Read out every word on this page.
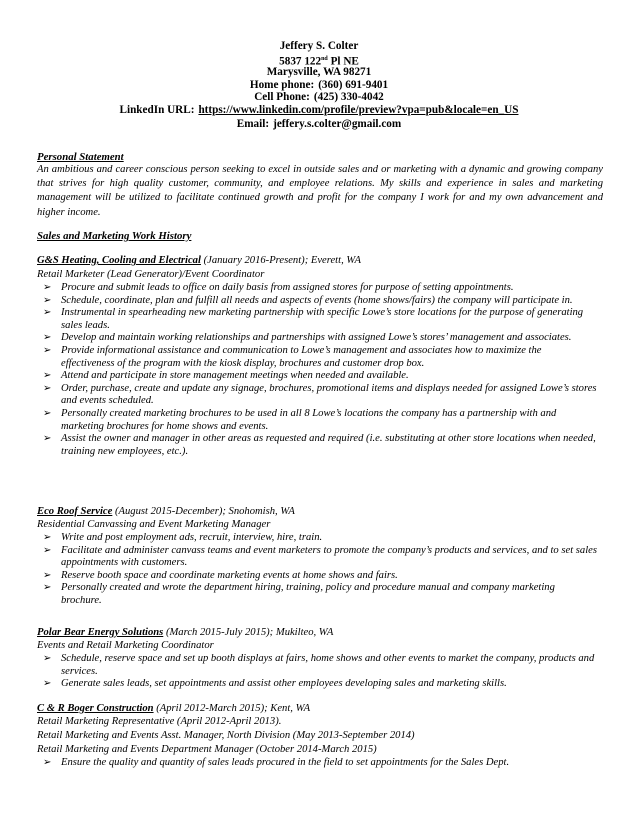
Jeffery S. Colter
5837 122nd Pl NE
Marysville, WA 98271
Home phone: (360) 691-9401
Cell Phone: (425) 330-4042
LinkedIn URL: https://www.linkedin.com/profile/preview?vpa=pub&locale=en_US
Email: jeffery.s.colter@gmail.com
Personal Statement
An ambitious and career conscious person seeking to excel in outside sales and or marketing with a dynamic and growing company that strives for high quality customer, community, and employee relations. My skills and experience in sales and marketing management will be utilized to facilitate continued growth and profit for the company I work for and my own advancement and higher income.
Sales and Marketing Work History
G&S Heating, Cooling and Electrical (January 2016-Present); Everett, WA
Retail Marketer (Lead Generator)/Event Coordinator
➢ Procure and submit leads to office on daily basis from assigned stores for purpose of setting appointments.
➢ Schedule, coordinate, plan and fulfill all needs and aspects of events (home shows/fairs) the company will participate in.
➢ Instrumental in spearheading new marketing partnership with specific Lowe’s store locations for the purpose of generating sales leads.
➢ Develop and maintain working relationships and partnerships with assigned Lowe’s stores’ management and associates.
➢ Provide informational assistance and communication to Lowe’s management and associates how to maximize the effectiveness of the program with the kiosk display, brochures and customer drop box.
➢ Attend and participate in store management meetings when needed and available.
➢ Order, purchase, create and update any signage, brochures, promotional items and displays needed for assigned Lowe’s stores and events scheduled.
➢ Personally created marketing brochures to be used in all 8 Lowe’s locations the company has a partnership with and marketing brochures for home shows and events.
➢ Assist the owner and manager in other areas as requested and required (i.e. substituting at other store locations when needed, training new employees, etc.).
Eco Roof Service (August 2015-December); Snohomish, WA
Residential Canvassing and Event Marketing Manager
➢ Write and post employment ads, recruit, interview, hire, train.
➢ Facilitate and administer canvass teams and event marketers to promote the company’s products and services, and to set sales appointments with customers.
➢ Reserve booth space and coordinate marketing events at home shows and fairs.
➢ Personally created and wrote the department hiring, training, policy and procedure manual and company marketing brochure.
Polar Bear Energy Solutions (March 2015-July 2015); Mukilteo, WA
Events and Retail Marketing Coordinator
➢ Schedule, reserve space and set up booth displays at fairs, home shows and other events to market the company, products and services.
➢ Generate sales leads, set appointments and assist other employees developing sales and marketing skills.
C & R Boger Construction (April 2012-March 2015); Kent, WA
Retail Marketing Representative (April 2012-April 2013).
Retail Marketing and Events Asst. Manager, North Division (May 2013-September 2014)
Retail Marketing and Events Department Manager (October 2014-March 2015)
➢ Ensure the quality and quantity of sales leads procured in the field to set appointments for the Sales Dept.
